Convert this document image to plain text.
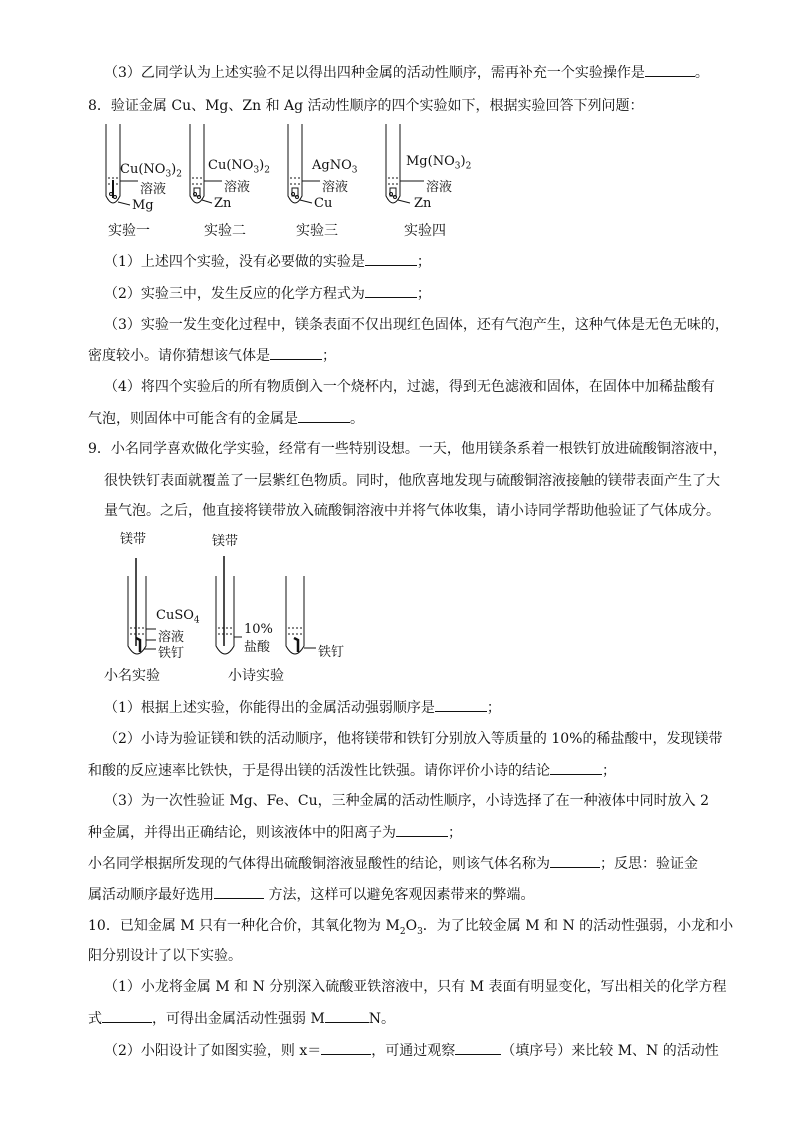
（3）乙同学认为上述实验不足以得出四种金属的活动性顺序，需再补充一个实验操作是	。
8．验证金属 Cu、Mg、Zn 和 Ag 活动性顺序的四个实验如下，根据实验回答下列问题：
$Cu(NO_3)_2$
溶液
Mg
实验一
$Cu(NO_3)_2$
溶液
Zn
实验二
AgNO$_3$
溶液
Cu
实验三
$Mg(NO_3)_2$
溶液
Zn
实验四
（1）上述四个实验，没有必要做的实验是	；
（2）实验三中，发生反应的化学方程式为	；
（3）实验一发生变化过程中，镁条表面不仅出现红色固体，还有气泡产生，这种气体是无色无味的，
密度较小。请你猜想该气体是	；
（4）将四个实验后的所有物质倒入一个烧杯内，过滤，得到无色滤液和固体，在固体中加稀盐酸有
气泡，则固体中可能含有的金属是	。
9．小名同学喜欢做化学实验，经常有一些特别设想。一天，他用镁条系着一根铁钉放进硫酸铜溶液中，
很快铁钉表面就覆盖了一层紫红色物质。同时，他欣喜地发现与硫酸铜溶液接触的镁带表面产生了大
量气泡。之后，他直接将镁带放入硫酸铜溶液中并将气体收集，请小诗同学帮助他验证了气体成分。
镁带	镁带
CuSO$_4$
溶液
铁钉
10%
盐酸	铁钉
小名实验	小诗实验
（1）根据上述实验，你能得出的金属活动强弱顺序是	；
（2）小诗为验证镁和铁的活动顺序，他将镁带和铁钉分别放入等质量的 10%的稀盐酸中，发现镁带
和酸的反应速率比铁快，于是得出镁的活泼性比铁强。请你评价小诗的结论	；
（3）为一次性验证 Mg、Fe、Cu，三种金属的活动性顺序，小诗选择了在一种液体中同时放入 2
种金属，并得出正确结论，则该液体中的阳离子为	；
小名同学根据所发现的气体得出硫酸铜溶液显酸性的结论，则该气体名称为	；反思：验证金
属活动顺序最好选用	方法，这样可以避免客观因素带来的弊端。
10．已知金属 M 只有一种化合价，其氧化物为 $M_2O_3$．为了比较金属 M 和 N 的活动性强弱，小龙和小
阳分别设计了以下实验。
（1）小龙将金属 M 和 N 分别深入硫酸亚铁溶液中，只有 M 表面有明显变化，写出相关的化学方程
式	，可得出金属活动性强弱 M	N。
（2）小阳设计了如图实验，则 x＝	，可通过观察	（填序号）来比较 M、N 的活动性
